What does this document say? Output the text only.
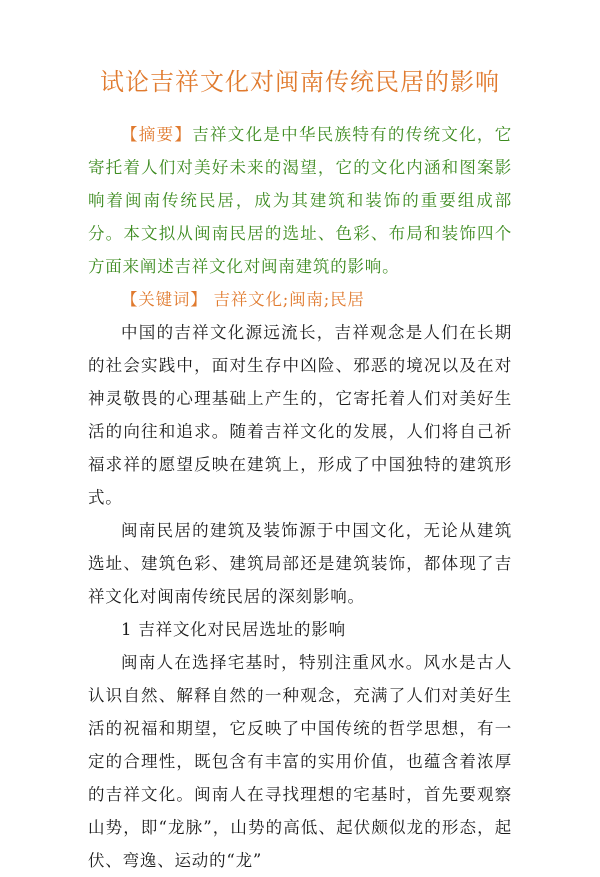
试论吉祥文化对闽南传统民居的影响

【摘要】吉祥文化是中华民族特有的传统文化，它寄托着人们对美好未来的渴望，它的文化内涵和图案影响着闽南传统民居，成为其建筑和装饰的重要组成部分。本文拟从闽南民居的选址、色彩、布局和装饰四个方面来阐述吉祥文化对闽南建筑的影响。

【关键词】 吉祥文化;闽南;民居

中国的吉祥文化源远流长，吉祥观念是人们在长期的社会实践中，面对生存中凶险、邪恶的境况以及在对神灵敬畏的心理基础上产生的，它寄托着人们对美好生活的向往和追求。随着吉祥文化的发展，人们将自己祈福求祥的愿望反映在建筑上，形成了中国独特的建筑形式。

闽南民居的建筑及装饰源于中国文化，无论从建筑选址、建筑色彩、建筑局部还是建筑装饰，都体现了吉祥文化对闽南传统民居的深刻影响。

1 吉祥文化对民居选址的影响

闽南人在选择宅基时，特别注重风水。风水是古人认识自然、解释自然的一种观念，充满了人们对美好生活的祝福和期望，它反映了中国传统的哲学思想，有一定的合理性，既包含有丰富的实用价值，也蕴含着浓厚的吉祥文化。闽南人在寻找理想的宅基时，首先要观察山势，即“龙脉”，山势的高低、起伏颇似龙的形态，起伏、弯逸、运动的“龙”
